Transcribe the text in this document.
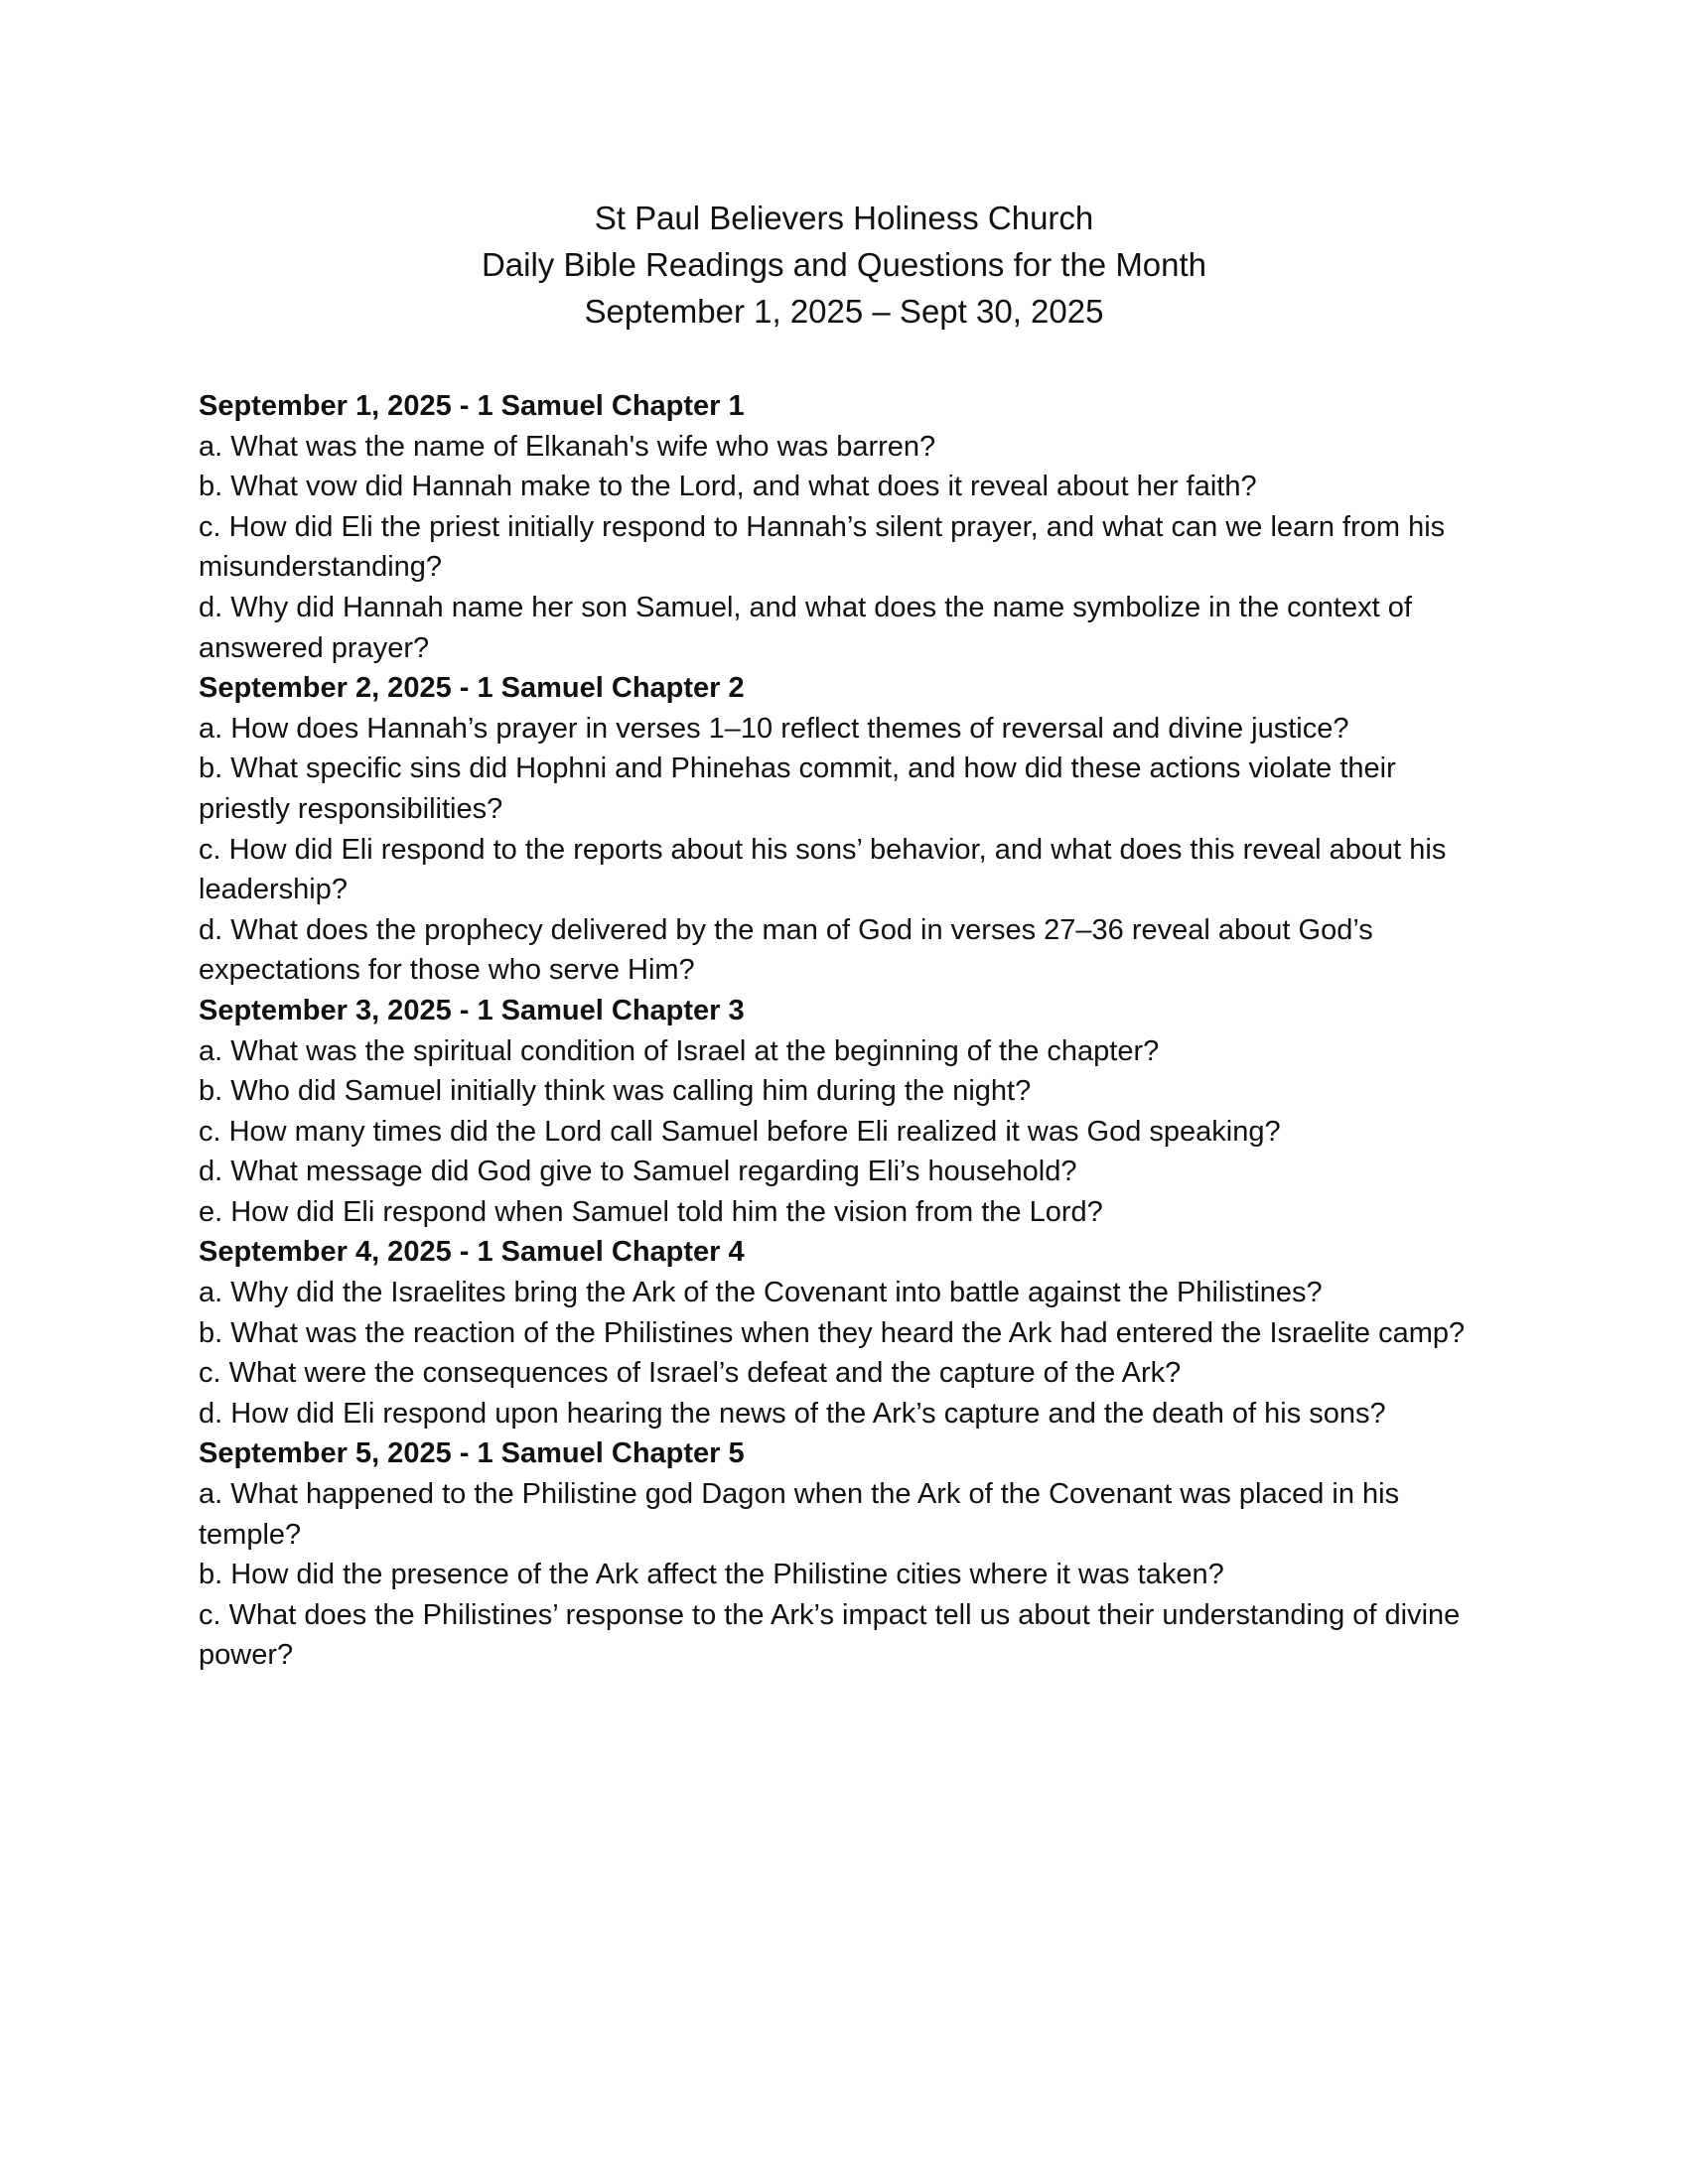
St Paul Believers Holiness Church
Daily Bible Readings and Questions for the Month
September 1, 2025 – Sept 30, 2025
September 1, 2025 - 1 Samuel Chapter 1
a. What was the name of Elkanah's wife who was barren?
b. What vow did Hannah make to the Lord, and what does it reveal about her faith?
c. How did Eli the priest initially respond to Hannah’s silent prayer, and what can we learn from his misunderstanding?
d. Why did Hannah name her son Samuel, and what does the name symbolize in the context of answered prayer?
September 2, 2025 - 1 Samuel Chapter 2
a. How does Hannah’s prayer in verses 1–10 reflect themes of reversal and divine justice?
b. What specific sins did Hophni and Phinehas commit, and how did these actions violate their priestly responsibilities?
c. How did Eli respond to the reports about his sons’ behavior, and what does this reveal about his leadership?
d. What does the prophecy delivered by the man of God in verses 27–36 reveal about God’s expectations for those who serve Him?
September 3, 2025 - 1 Samuel Chapter 3
a. What was the spiritual condition of Israel at the beginning of the chapter?
b. Who did Samuel initially think was calling him during the night?
c. How many times did the Lord call Samuel before Eli realized it was God speaking?
d. What message did God give to Samuel regarding Eli’s household?
e. How did Eli respond when Samuel told him the vision from the Lord?
September 4, 2025 - 1 Samuel Chapter 4
a. Why did the Israelites bring the Ark of the Covenant into battle against the Philistines?
b. What was the reaction of the Philistines when they heard the Ark had entered the Israelite camp?
c. What were the consequences of Israel’s defeat and the capture of the Ark?
d. How did Eli respond upon hearing the news of the Ark’s capture and the death of his sons?
September 5, 2025 - 1 Samuel Chapter 5
a. What happened to the Philistine god Dagon when the Ark of the Covenant was placed in his temple?
b. How did the presence of the Ark affect the Philistine cities where it was taken?
c. What does the Philistines’ response to the Ark’s impact tell us about their understanding of divine power?
